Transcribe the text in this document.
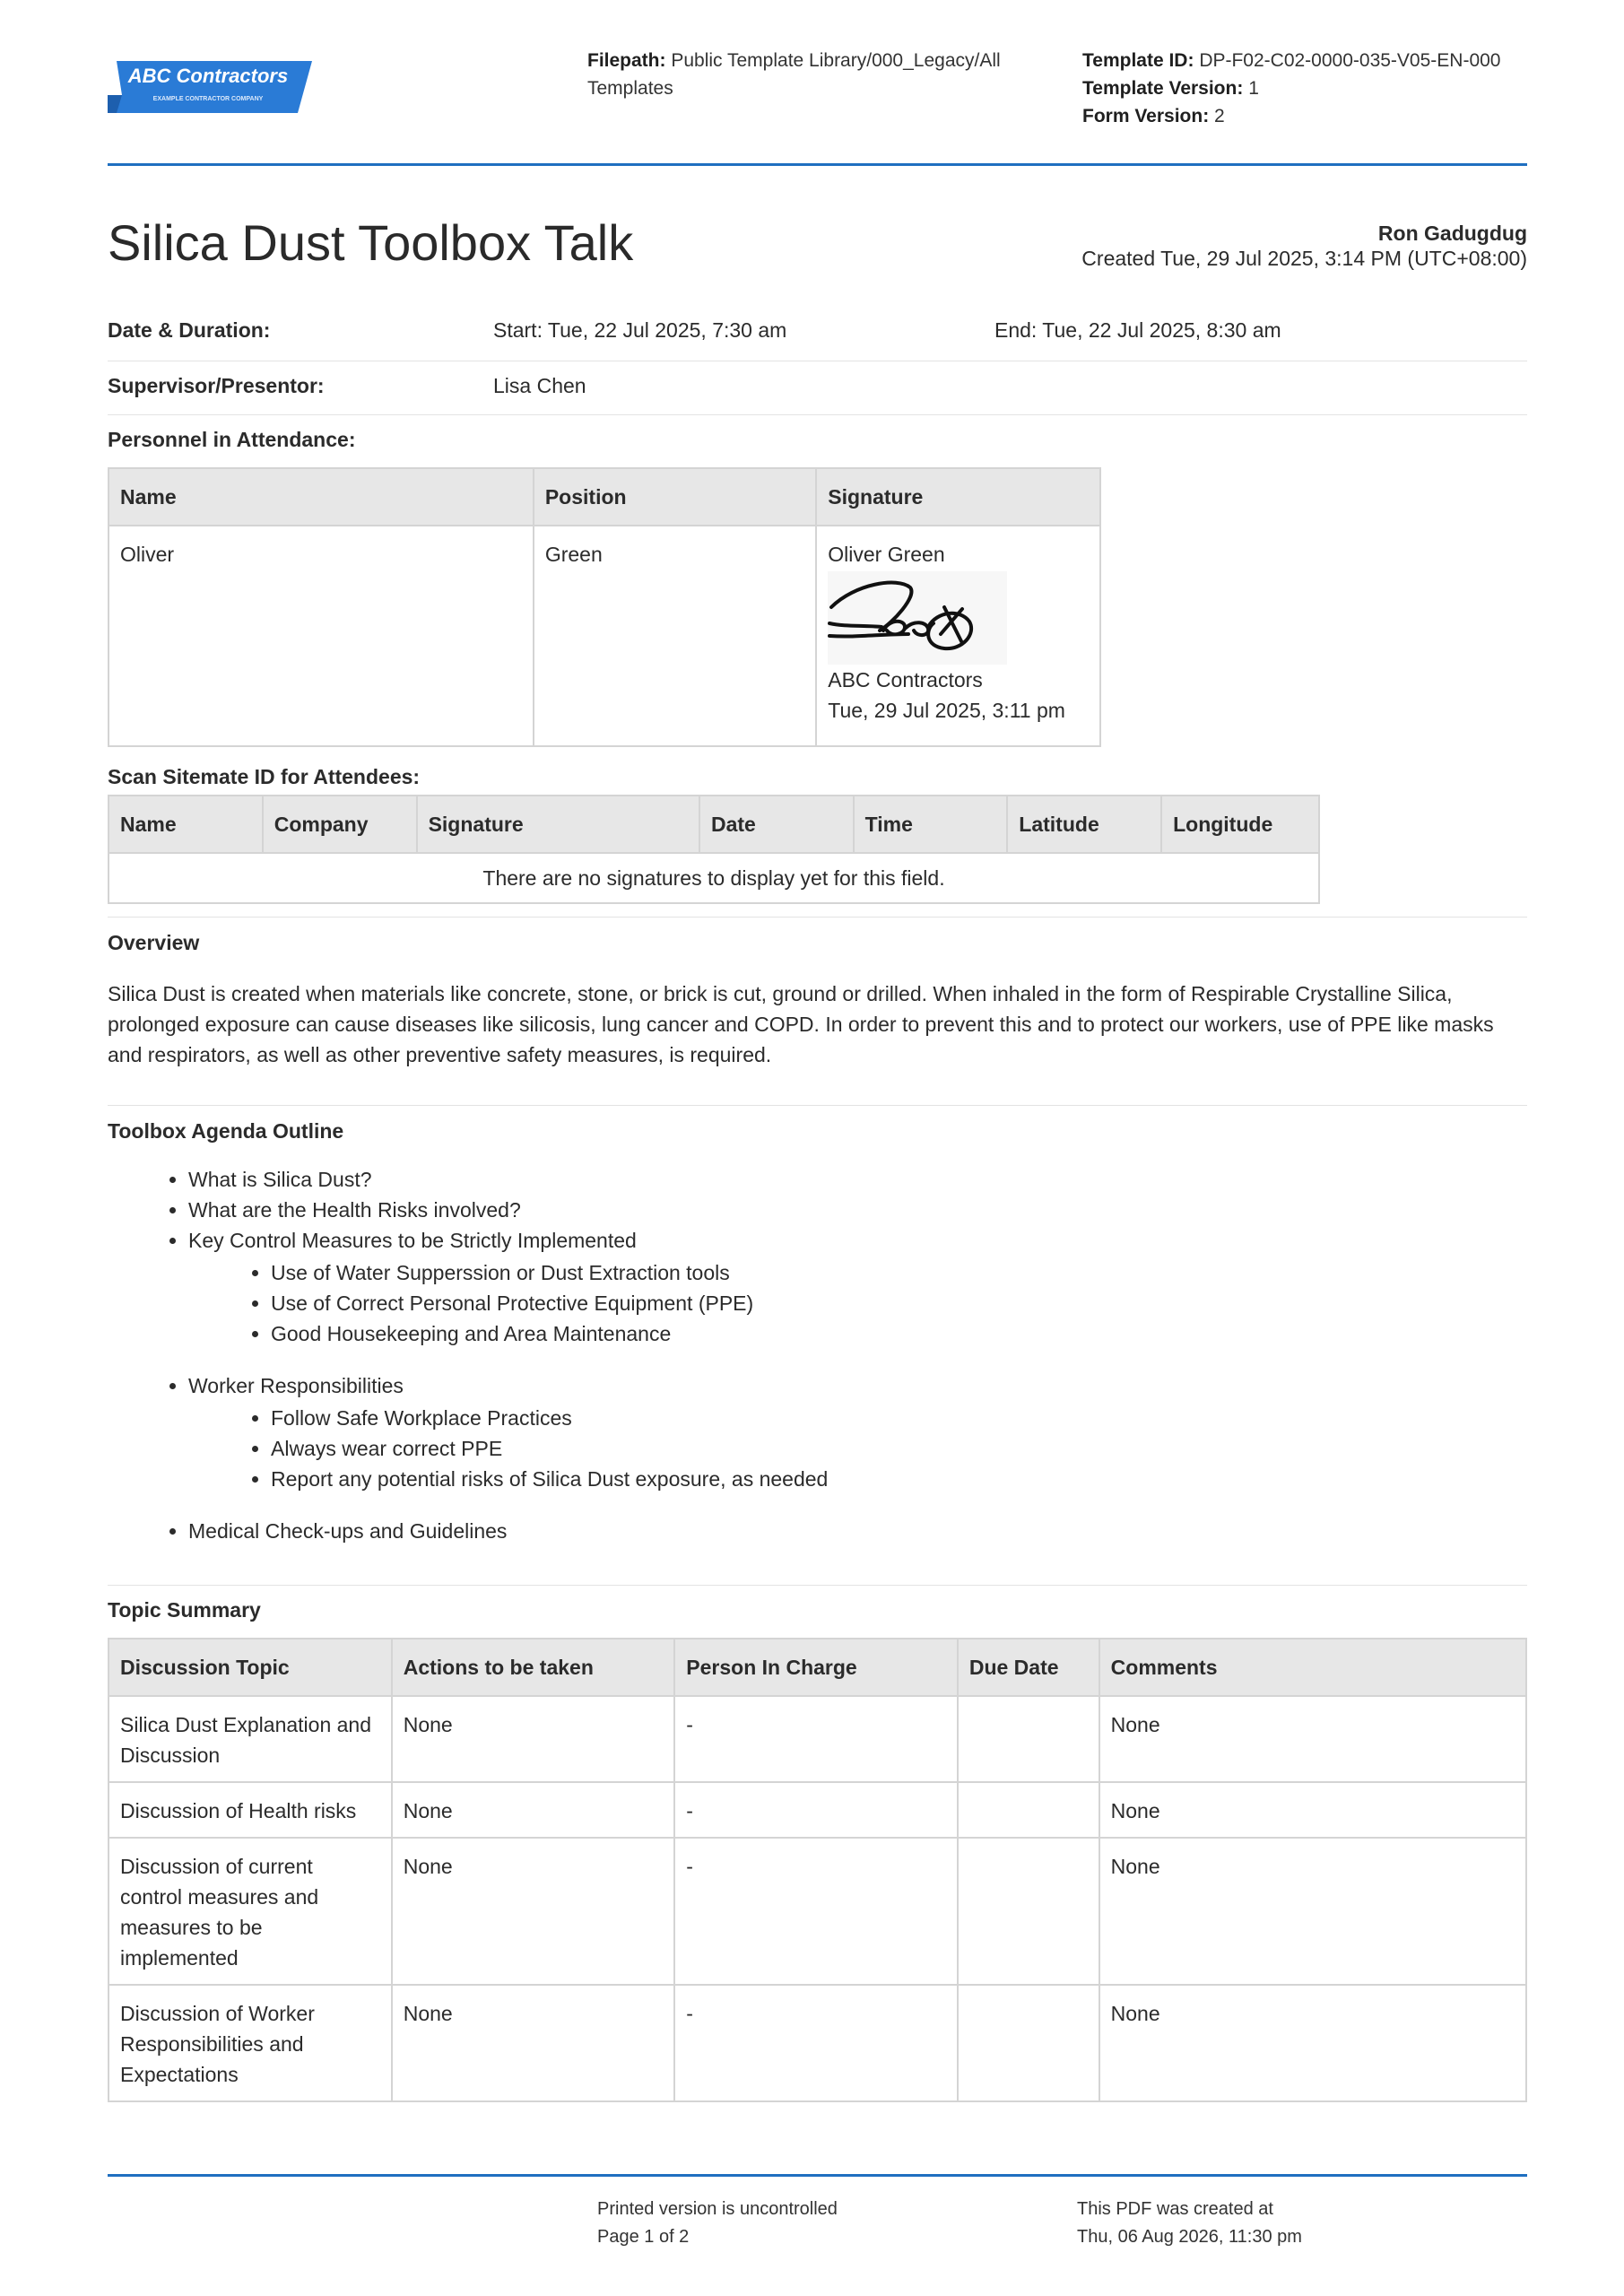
ABC Contractors
EXAMPLE CONTRACTOR COMPANY
Filepath: Public Template Library/000_Legacy/All Templates
Template ID: DP-F02-C02-0000-035-V05-EN-000
Template Version: 1
Form Version: 2
Silica Dust Toolbox Talk	Ron Gadugdug
Created Tue, 29 Jul 2025, 3:14 PM (UTC+08:00)
Date & Duration:	Start: Tue, 22 Jul 2025, 7:30 am	End: Tue, 22 Jul 2025, 8:30 am
Supervisor/Presentor:	Lisa Chen
Personnel in Attendance:
Name	Position	Signature
Oliver	Green	Oliver Green
ABC Contractors
Tue, 29 Jul 2025, 3:11 pm
Scan Sitemate ID for Attendees:
Name	Company	Signature	Date	Time	Latitude	Longitude
There are no signatures to display yet for this field.
Overview
Silica Dust is created when materials like concrete, stone, or brick is cut, ground or drilled. When inhaled in the form of Respirable Crystalline Silica, prolonged exposure can cause diseases like silicosis, lung cancer and COPD. In order to prevent this and to protect our workers, use of PPE like masks and respirators, as well as other preventive safety measures, is required.
Toolbox Agenda Outline
• What is Silica Dust?
• What are the Health Risks involved?
• Key Control Measures to be Strictly Implemented
• Use of Water Supperssion or Dust Extraction tools
• Use of Correct Personal Protective Equipment (PPE)
• Good Housekeeping and Area Maintenance
• Worker Responsibilities
• Follow Safe Workplace Practices
• Always wear correct PPE
• Report any potential risks of Silica Dust exposure, as needed
• Medical Check-ups and Guidelines
Topic Summary
Discussion Topic	Actions to be taken	Person In Charge	Due Date	Comments
Silica Dust Explanation and Discussion	None	-		None
Discussion of Health risks	None	-		None
Discussion of current control measures and measures to be implemented	None	-		None
Discussion of Worker Responsibilities and Expectations	None	-		None
Printed version is uncontrolled
Page 1 of 2
This PDF was created at
Thu, 06 Aug 2026, 11:30 pm
